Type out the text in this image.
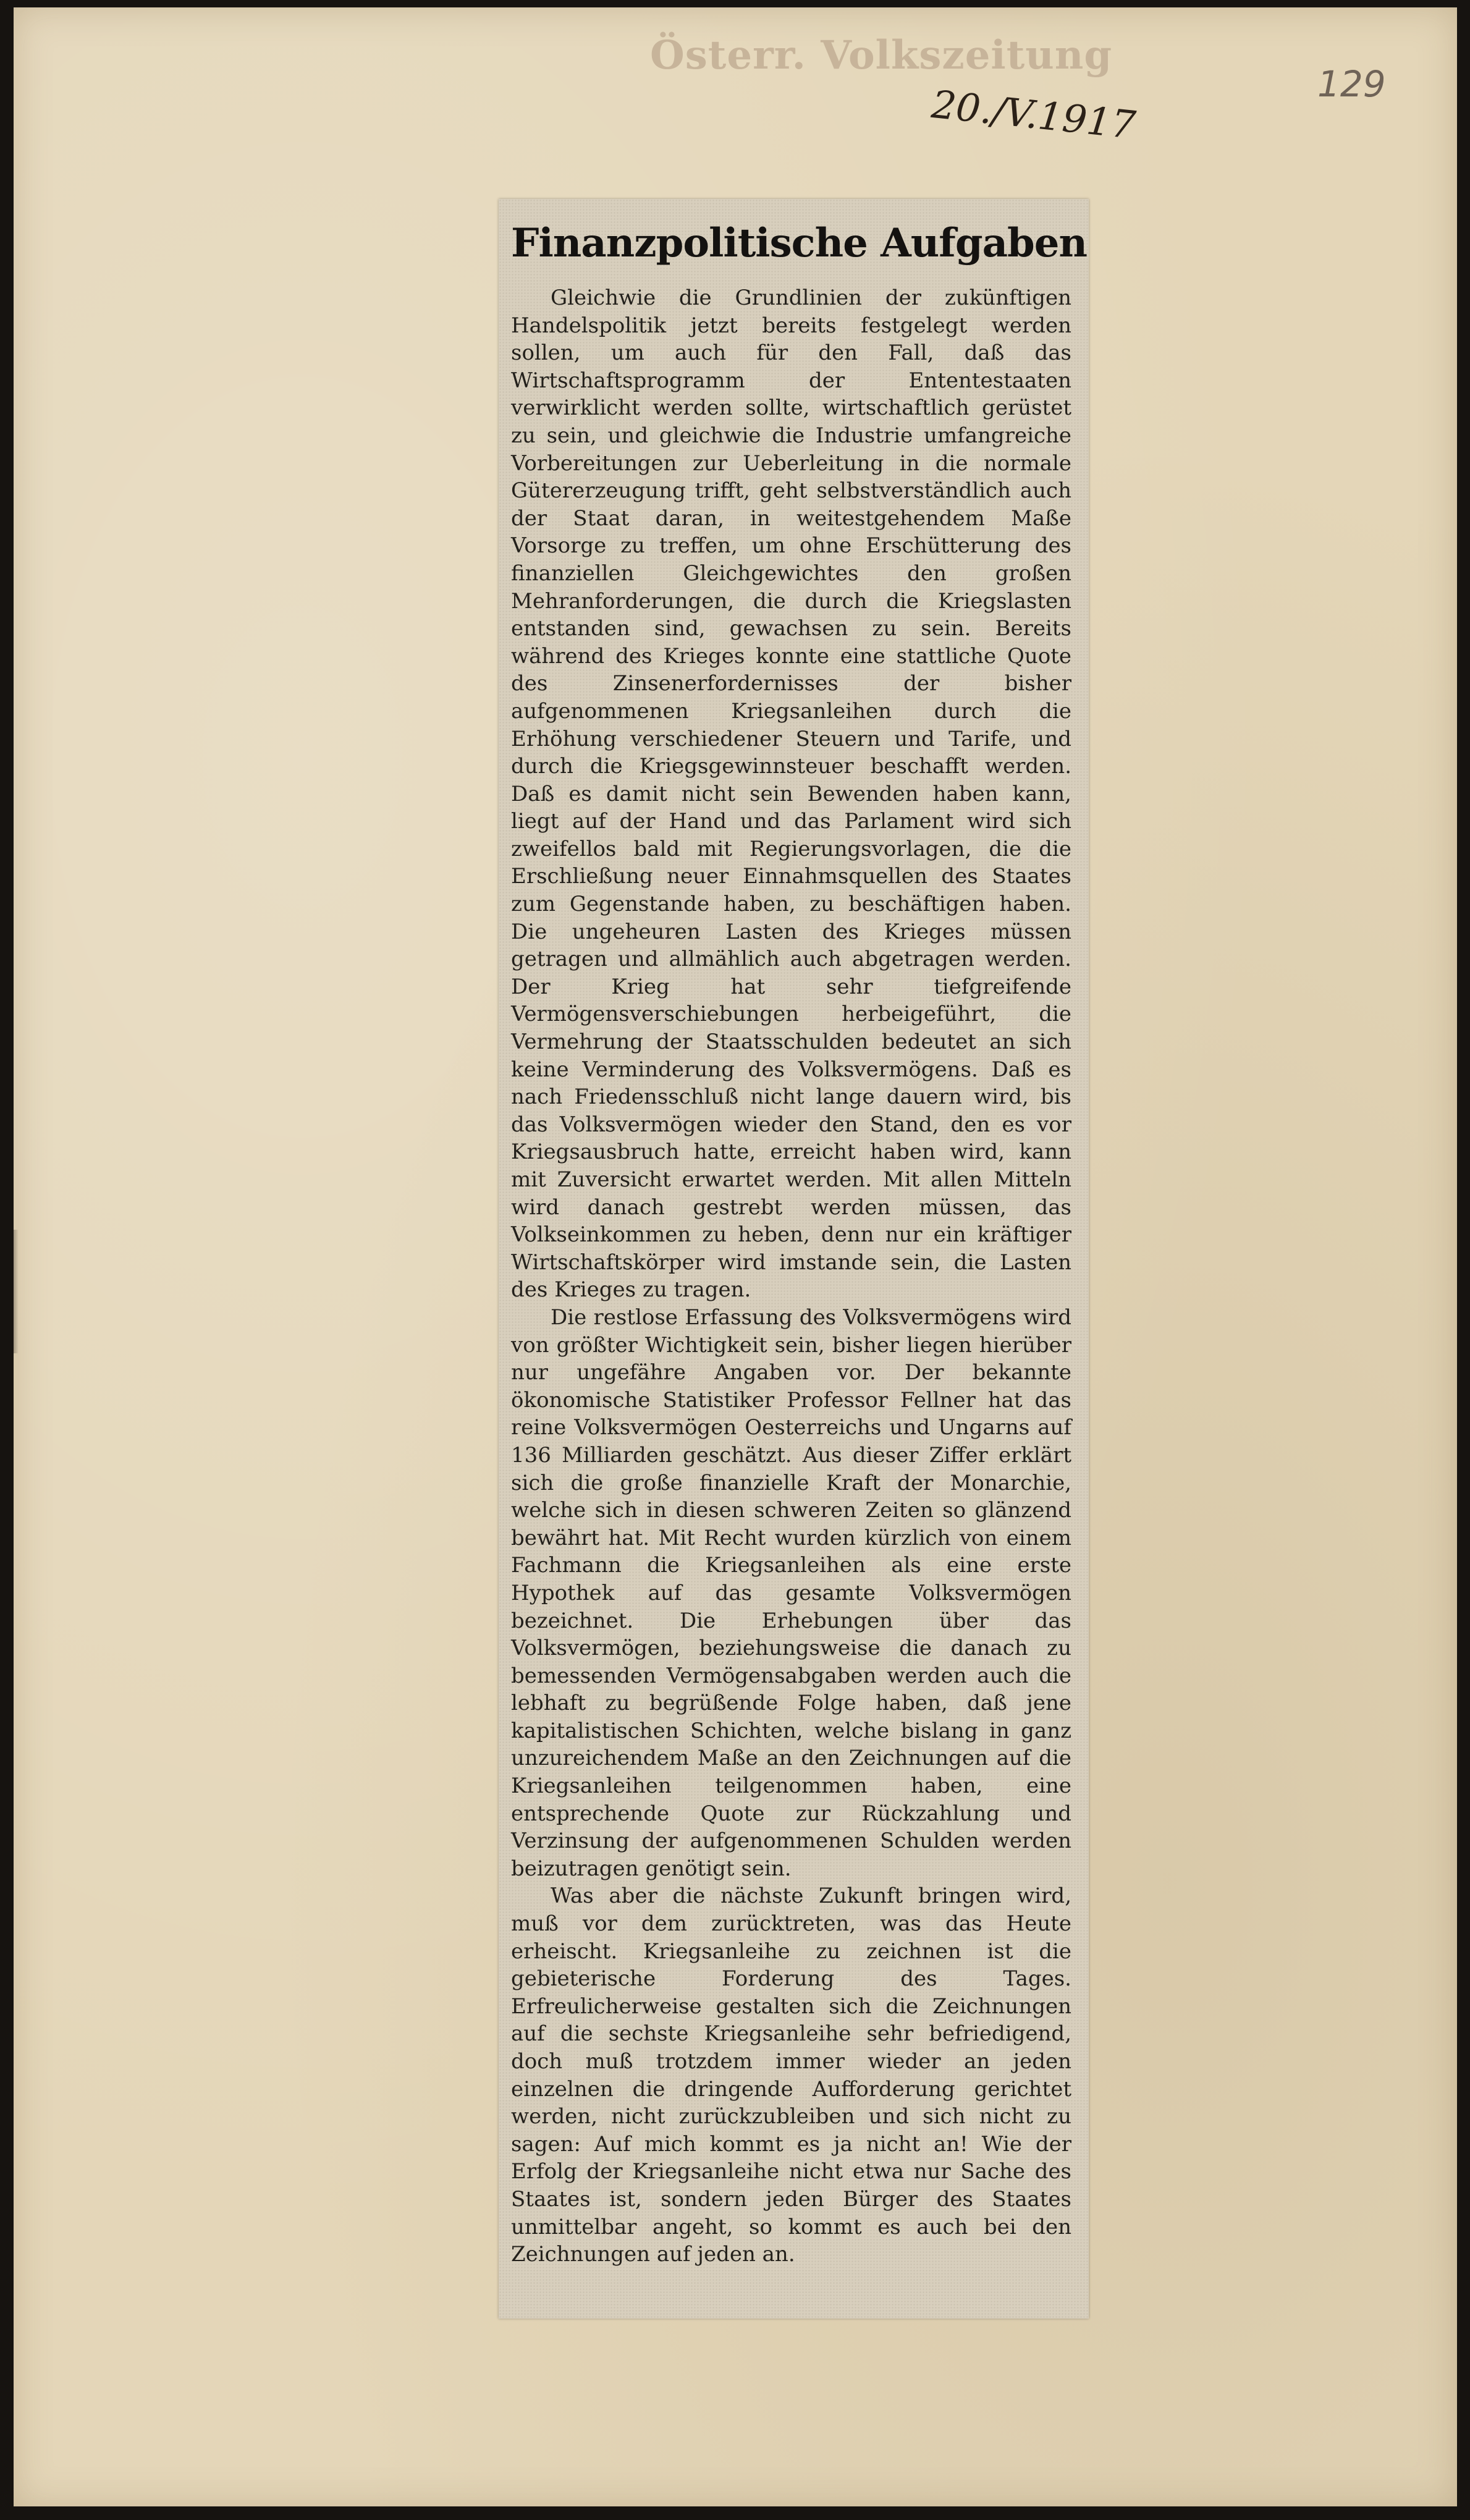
Österr. Volkszeitung
20./V.1917	129
Finanzpolitische Aufgaben

Gleichwie die Grundlinien der zukünftigen Handelspolitik jetzt bereits festgelegt werden sollen, um auch für den Fall, daß das Wirtschaftsprogramm der Ententestaaten verwirklicht werden sollte, wirtschaftlich gerüstet zu sein, und gleichwie die Industrie umfangreiche Vorbereitungen zur Ueberleitung in die normale Gütererzeugung trifft, geht selbstverständlich auch der Staat daran, in weitestgehendem Maße Vorsorge zu treffen, um ohne Erschütterung des finanziellen Gleichgewichtes den großen Mehranforderungen, die durch die Kriegslasten entstanden sind, gewachsen zu sein. Bereits während des Krieges konnte eine stattliche Quote des Zinsenerfordernisses der bisher aufgenommenen Kriegsanleihen durch die Erhöhung verschiedener Steuern und Tarife, und durch die Kriegsgewinnsteuer beschafft werden. Daß es damit nicht sein Bewenden haben kann, liegt auf der Hand und das Parlament wird sich zweifellos bald mit Regierungsvorlagen, die die Erschließung neuer Einnahmsquellen des Staates zum Gegenstande haben, zu beschäftigen haben. Die ungeheuren Lasten des Krieges müssen getragen und allmählich auch abgetragen werden. Der Krieg hat sehr tiefgreifende Vermögensverschiebungen herbeigeführt, die Vermehrung der Staatsschulden bedeutet an sich keine Verminderung des Volksvermögens. Daß es nach Friedensschluß nicht lange dauern wird, bis das Volksvermögen wieder den Stand, den es vor Kriegsausbruch hatte, erreicht haben wird, kann mit Zuversicht erwartet werden. Mit allen Mitteln wird danach gestrebt werden müssen, das Volkseinkommen zu heben, denn nur ein kräftiger Wirtschaftskörper wird imstande sein, die Lasten des Krieges zu tragen.

Die restlose Erfassung des Volksvermögens wird von größter Wichtigkeit sein, bisher liegen hierüber nur ungefähre Angaben vor. Der bekannte ökonomische Statistiker Professor Fellner hat das reine Volksvermögen Oesterreichs und Ungarns auf 136 Milliarden geschätzt. Aus dieser Ziffer erklärt sich die große finanzielle Kraft der Monarchie, welche sich in diesen schweren Zeiten so glänzend bewährt hat. Mit Recht wurden kürzlich von einem Fachmann die Kriegsanleihen als eine erste Hypothek auf das gesamte Volksvermögen bezeichnet. Die Erhebungen über das Volksvermögen, beziehungsweise die danach zu bemessenden Vermögensabgaben werden auch die lebhaft zu begrüßende Folge haben, daß jene kapitalistischen Schichten, welche bislang in ganz unzureichendem Maße an den Zeichnungen auf die Kriegsanleihen teilgenommen haben, eine entsprechende Quote zur Rückzahlung und Verzinsung der aufgenommenen Schulden werden beizutragen genötigt sein.

Was aber die nächste Zukunft bringen wird, muß vor dem zurücktreten, was das Heute erheischt. Kriegsanleihe zu zeichnen ist die gebieterische Forderung des Tages. Erfreulicherweise gestalten sich die Zeichnungen auf die sechste Kriegsanleihe sehr befriedigend, doch muß trotzdem immer wieder an jeden einzelnen die dringende Aufforderung gerichtet werden, nicht zurückzubleiben und sich nicht zu sagen: Auf mich kommt es ja nicht an! Wie der Erfolg der Kriegsanleihe nicht etwa nur Sache des Staates ist, sondern jeden Bürger des Staates unmittelbar angeht, so kommt es auch bei den Zeichnungen auf jeden an.
